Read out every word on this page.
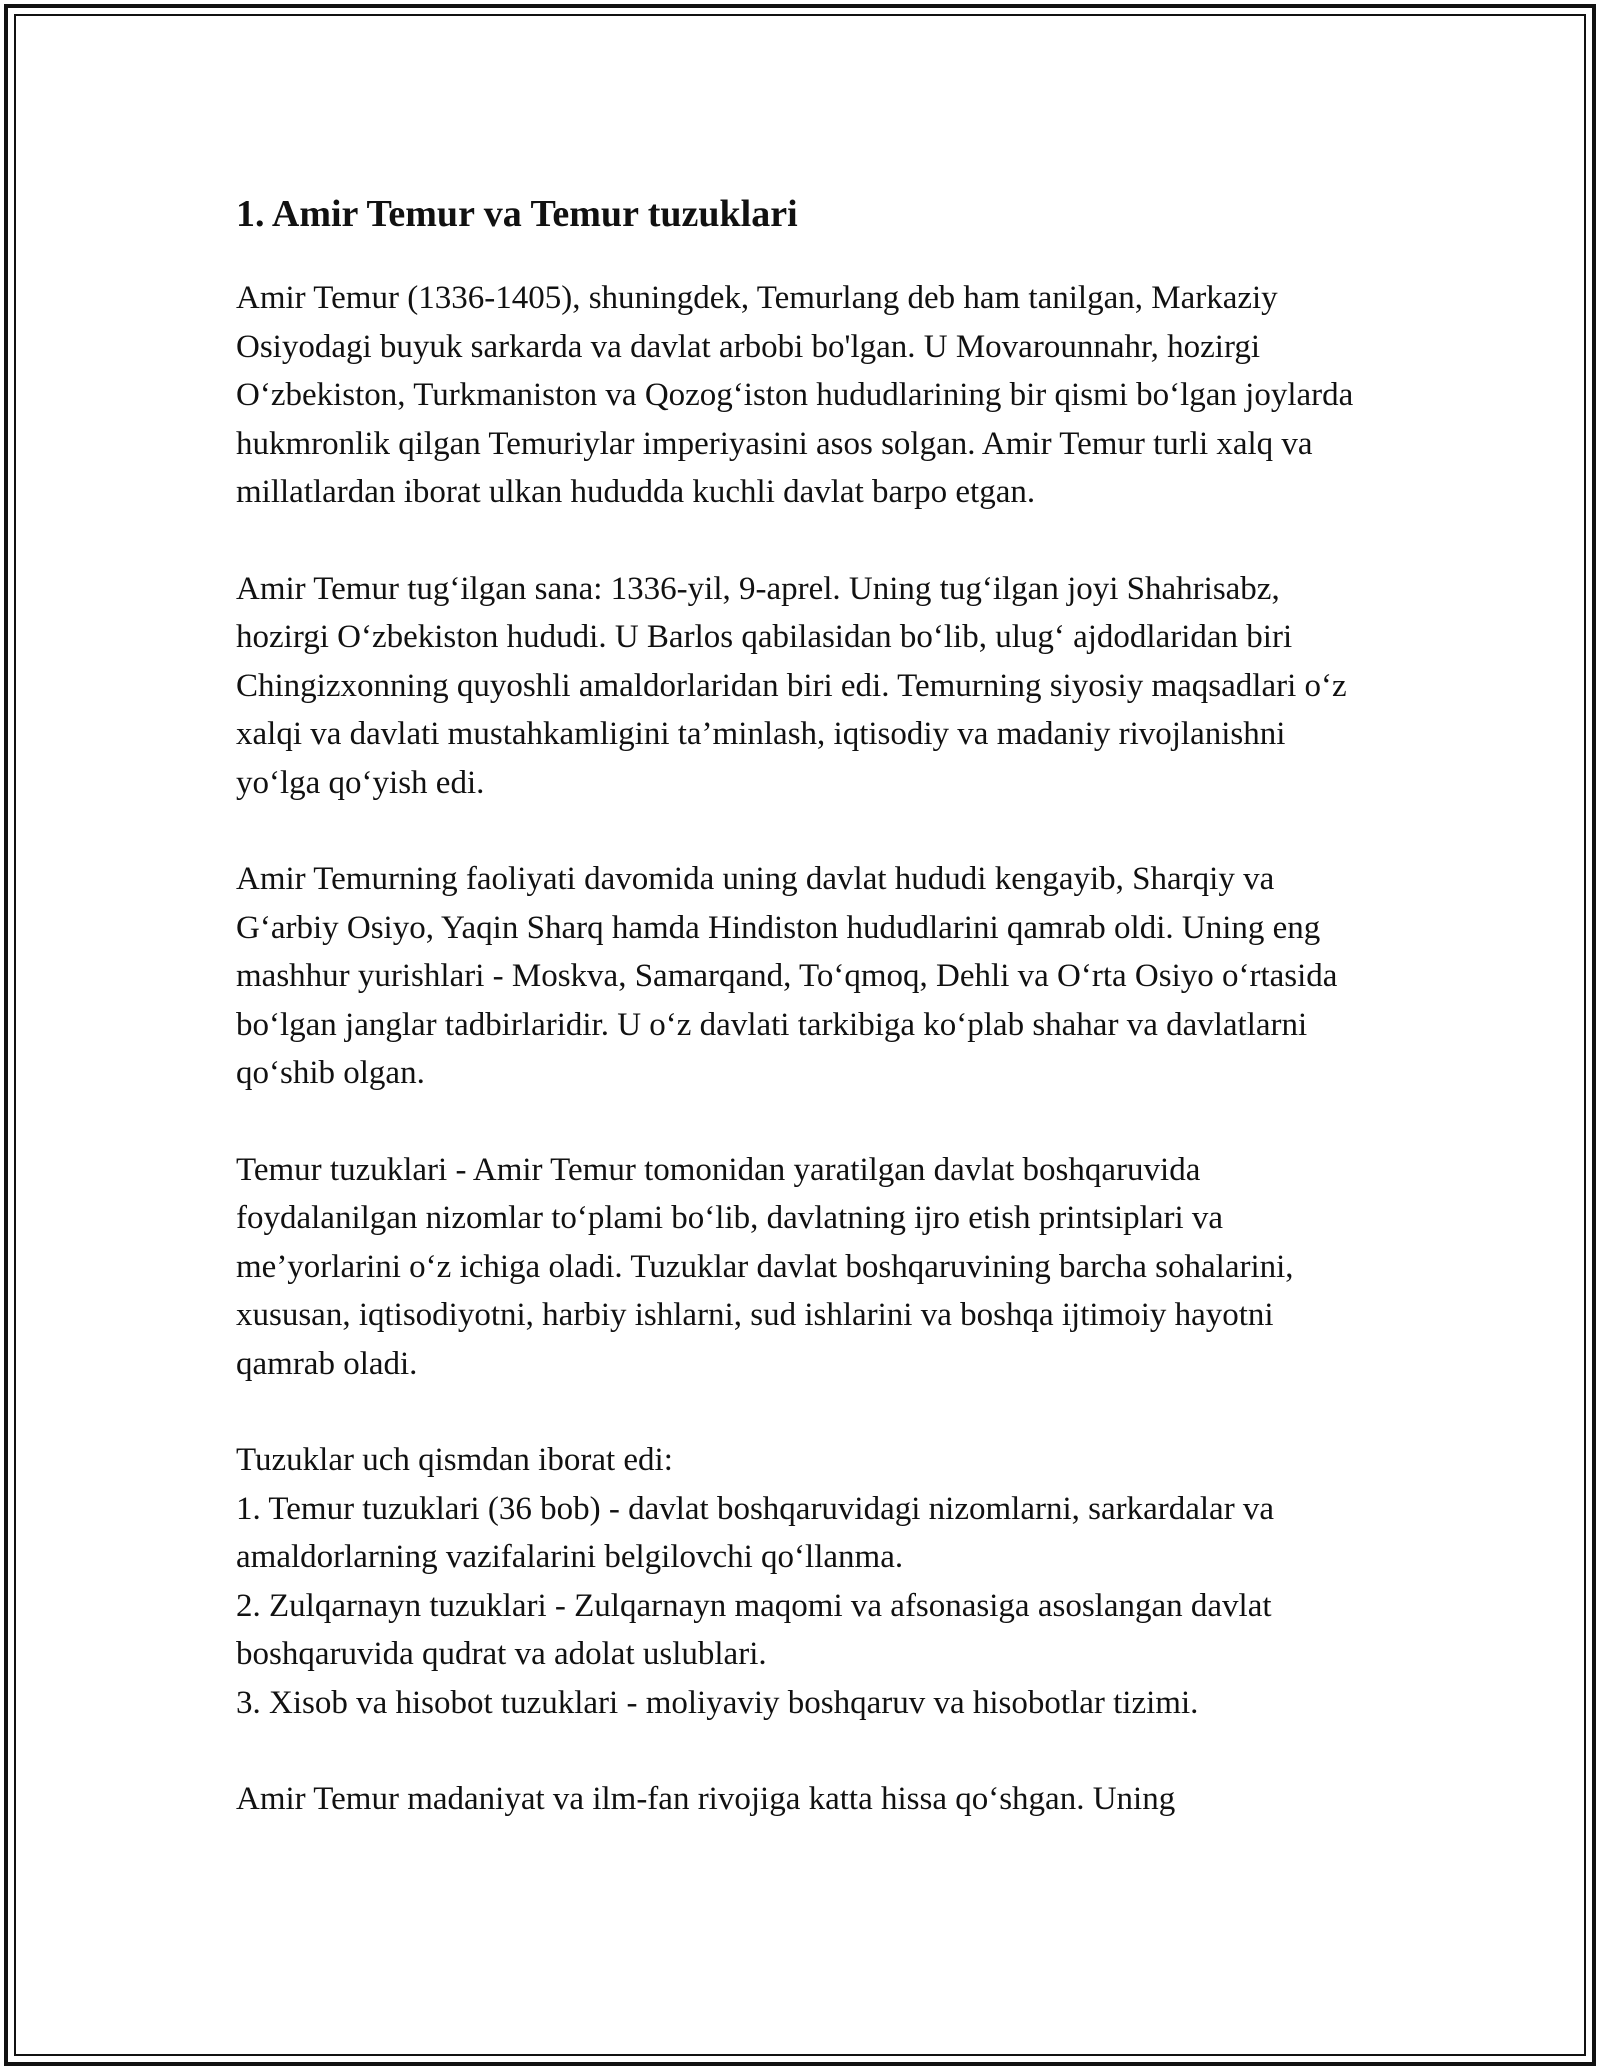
1. Amir Temur va Temur tuzuklari

Amir Temur (1336-1405), shuningdek, Temurlang deb ham tanilgan, Markaziy Osiyodagi buyuk sarkarda va davlat arbobi bo'lgan. U Movarounnahr, hozirgi O‘zbekiston, Turkmaniston va Qozog‘iston hududlarining bir qismi bo‘lgan joylarda hukmronlik qilgan Temuriylar imperiyasini asos solgan. Amir Temur turli xalq va millatlardan iborat ulkan hududda kuchli davlat barpo etgan.

Amir Temur tug‘ilgan sana: 1336-yil, 9-aprel. Uning tug‘ilgan joyi Shahrisabz, hozirgi O‘zbekiston hududi. U Barlos qabilasidan bo‘lib, ulug‘ ajdodlaridan biri Chingizxonning quyoshli amaldorlaridan biri edi. Temurning siyosiy maqsadlari o‘z xalqi va davlati mustahkamligini ta’minlash, iqtisodiy va madaniy rivojlanishni yo‘lga qo‘yish edi.

Amir Temurning faoliyati davomida uning davlat hududi kengayib, Sharqiy va G‘arbiy Osiyo, Yaqin Sharq hamda Hindiston hududlarini qamrab oldi. Uning eng mashhur yurishlari - Moskva, Samarqand, To‘qmoq, Dehli va O‘rta Osiyo o‘rtasida bo‘lgan janglar tadbirlaridir. U o‘z davlati tarkibiga ko‘plab shahar va davlatlarni qo‘shib olgan.

Temur tuzuklari - Amir Temur tomonidan yaratilgan davlat boshqaruvida foydalanilgan nizomlar to‘plami bo‘lib, davlatning ijro etish printsiplari va me’yorlarini o‘z ichiga oladi. Tuzuklar davlat boshqaruvining barcha sohalarini, xususan, iqtisodiyotni, harbiy ishlarni, sud ishlarini va boshqa ijtimoiy hayotni qamrab oladi.

Tuzuklar uch qismdan iborat edi:

1. Temur tuzuklari (36 bob) - davlat boshqaruvidagi nizomlarni, sarkardalar va amaldorlarning vazifalarini belgilovchi qo‘llanma.

2. Zulqarnayn tuzuklari - Zulqarnayn maqomi va afsonasiga asoslangan davlat boshqaruvida qudrat va adolat uslublari.

3. Xisob va hisobot tuzuklari - moliyaviy boshqaruv va hisobotlar tizimi.

Amir Temur madaniyat va ilm-fan rivojiga katta hissa qo‘shgan. Uning
